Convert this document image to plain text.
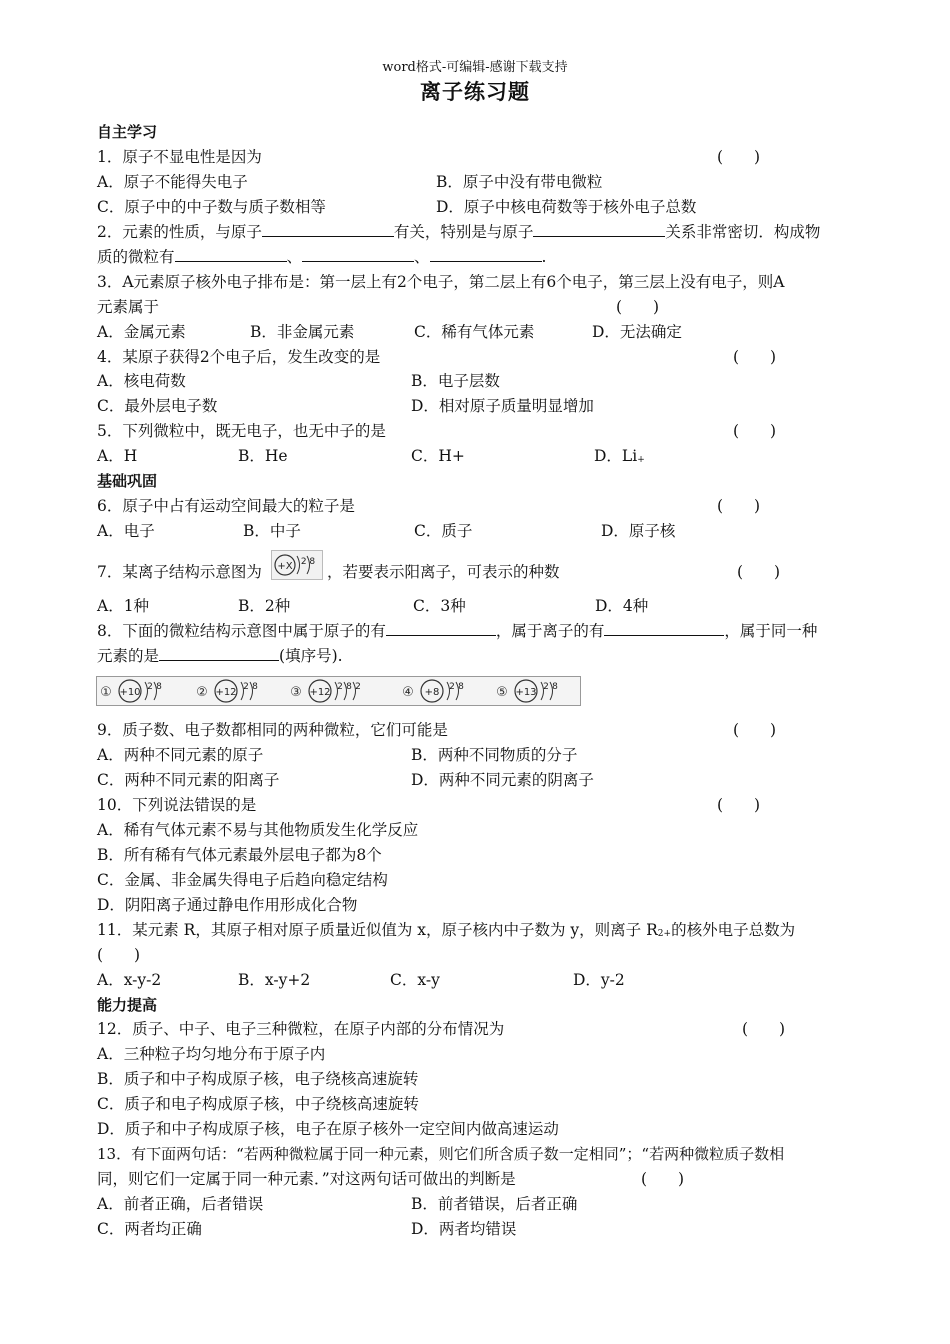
word格式-可编辑-感谢下载支持
离子练习题
自主学习
1．原子不显电性是因为	(　　)
A．原子不能得失电子	B．原子中没有带电微粒
C．原子中的中子数与质子数相等	D．原子中核电荷数等于核外电子总数
2．元素的性质，与原子	有关，特别是与原子	关系非常密切．构成物
质的微粒有	、	、	.
3．A元素原子核外电子排布是：第一层上有2个电子，第二层上有6个电子，第三层上没有电子，则A
元素属于	(　　)
A．金属元素	B．非金属元素	C．稀有气体元素	D．无法确定
4．某原子获得2个电子后，发生改变的是	(　　)
A．核电荷数	B．电子层数
C．最外层电子数	D．相对原子质量明显增加
5．下列微粒中，既无电子，也无中子的是	(　　)
A．H	B．He	C．H+	D．Li+
基础巩固
6．原子中占有运动空间最大的粒子是	(　　)
A．电子	B．中子	C．质子	D．原子核
7．某离子结构示意图为 +X 2 8
，若要表示阳离子，可表示的种数	(　　)
A．1种	B．2种	C．3种	D．4种
8．下面的微粒结构示意图中属于原子的有	，属于离子的有	，属于同一种
元素的是	(填序号).
① +10 2 8	② +12 2 8 ③ +12 2 8 2	④ +8 2 8 ⑤ +13 2 8
9．质子数、电子数都相同的两种微粒，它们可能是	(　　)
A．两种不同元素的原子	B．两种不同物质的分子
C．两种不同元素的阳离子	D．两种不同元素的阴离子
10．下列说法错误的是	(　　)
A．稀有气体元素不易与其他物质发生化学反应
B．所有稀有气体元素最外层电子都为8个
C．金属、非金属失得电子后趋向稳定结构
D．阴阳离子通过静电作用形成化合物
11．某元素 R，其原子相对原子质量近似值为 x，原子核内中子数为 y，则离子 R2+的核外电子总数为
(　　)
A．x-y-2	B．x-y+2	C．x-y	D．y-2
能力提高
12．质子、中子、电子三种微粒，在原子内部的分布情况为	(　　)
A．三种粒子均匀地分布于原子内
B．质子和中子构成原子核，电子绕核高速旋转
C．质子和电子构成原子核，中子绕核高速旋转
D．质子和中子构成原子核，电子在原子核外一定空间内做高速运动
13．有下面两句话：“若两种微粒属于同一种元素，则它们所含质子数一定相同”；“若两种微粒质子数相
同，则它们一定属于同一种元素．”对这两句话可做出的判断是	(　　)
A．前者正确，后者错误	B．前者错误，后者正确
C．两者均正确	D．两者均错误
